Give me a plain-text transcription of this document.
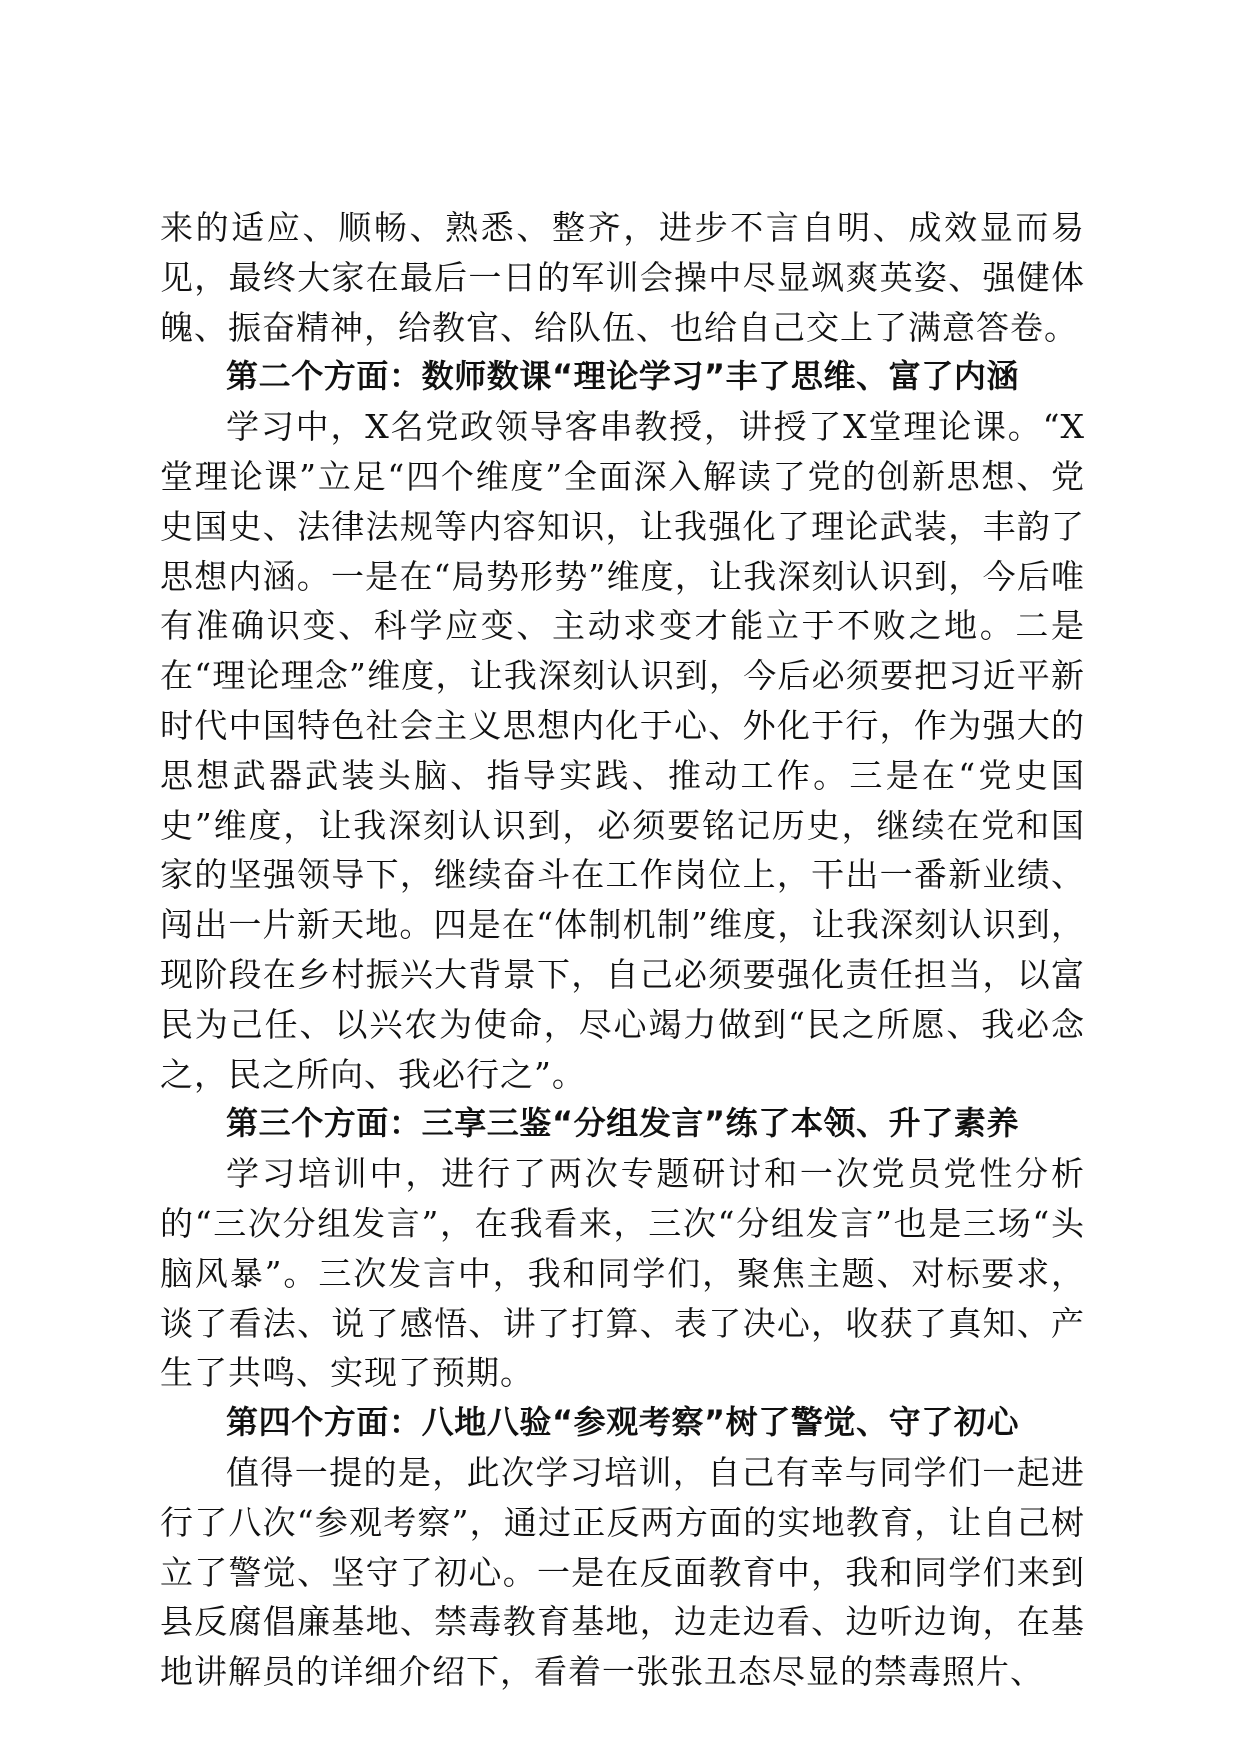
来的适应、顺畅、熟悉、整齐，进步不言自明、成效显而易见，最终大家在最后一日的军训会操中尽显飒爽英姿、强健体魄、振奋精神，给教官、给队伍、也给自己交上了满意答卷。

第二个方面：数师数课“理论学习”丰了思维、富了内涵

学习中，X名党政领导客串教授，讲授了X堂理论课。“X堂理论课”立足“四个维度”全面深入解读了党的创新思想、党史国史、法律法规等内容知识，让我强化了理论武装，丰韵了思想内涵。一是在“局势形势”维度，让我深刻认识到，今后唯有准确识变、科学应变、主动求变才能立于不败之地。二是在“理论理念”维度，让我深刻认识到，今后必须要把习近平新时代中国特色社会主义思想内化于心、外化于行，作为强大的思想武器武装头脑、指导实践、推动工作。三是在“党史国史”维度，让我深刻认识到，必须要铭记历史，继续在党和国家的坚强领导下，继续奋斗在工作岗位上，干出一番新业绩、闯出一片新天地。四是在“体制机制”维度，让我深刻认识到，现阶段在乡村振兴大背景下，自己必须要强化责任担当，以富民为己任、以兴农为使命，尽心竭力做到“民之所愿、我必念之，民之所向、我必行之”。

第三个方面：三享三鉴“分组发言”练了本领、升了素养

学习培训中，进行了两次专题研讨和一次党员党性分析的“三次分组发言”，在我看来，三次“分组发言”也是三场“头脑风暴”。三次发言中，我和同学们，聚焦主题、对标要求，谈了看法、说了感悟、讲了打算、表了决心，收获了真知、产生了共鸣、实现了预期。

第四个方面：八地八验“参观考察”树了警觉、守了初心

值得一提的是，此次学习培训，自己有幸与同学们一起进行了八次“参观考察”，通过正反两方面的实地教育，让自己树立了警觉、坚守了初心。一是在反面教育中，我和同学们来到县反腐倡廉基地、禁毒教育基地，边走边看、边听边询，在基地讲解员的详细介绍下，看着一张张丑态尽显的禁毒照片、
